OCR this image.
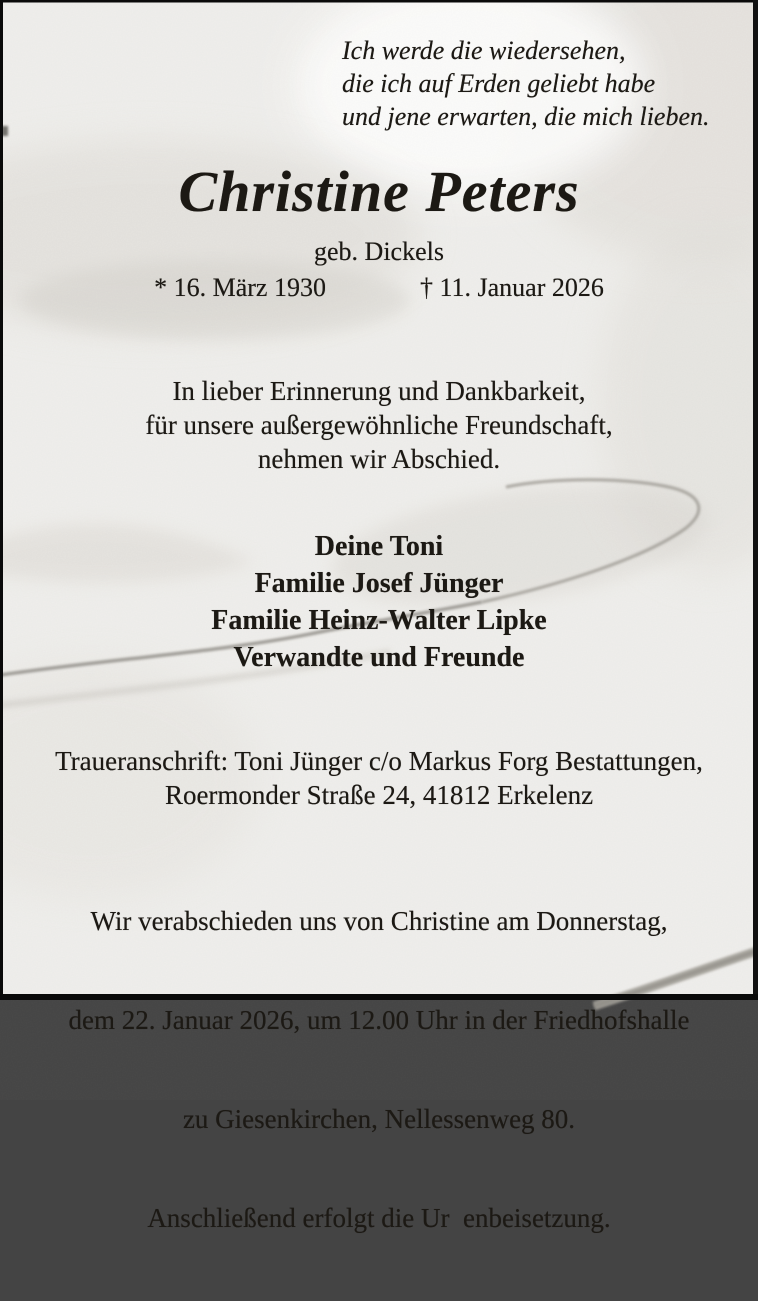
Ich werde die wiedersehen,
die ich auf Erden geliebt habe
und jene erwarten, die mich lieben.
Christine Peters
geb. Dickels
* 16. März 1930	† 11. Januar 2026
In lieber Erinnerung und Dankbarkeit,
für unsere außergewöhnliche Freundschaft,
nehmen wir Abschied.
Deine Toni
Familie Josef Jünger
Familie Heinz-Walter Lipke
Verwandte und Freunde
Traueranschrift: Toni Jünger c/o Markus Forg Bestattungen,
Roermonder Straße 24, 41812 Erkelenz

Wir verabschieden uns von Christine am Donnerstag,

dem 22. Januar 2026, um 12.00 Uhr in der Friedhofshalle

zu Giesenkirchen, Nellessenweg 80.

Anschließend erfolgt die Ur  enbeisetzung.
